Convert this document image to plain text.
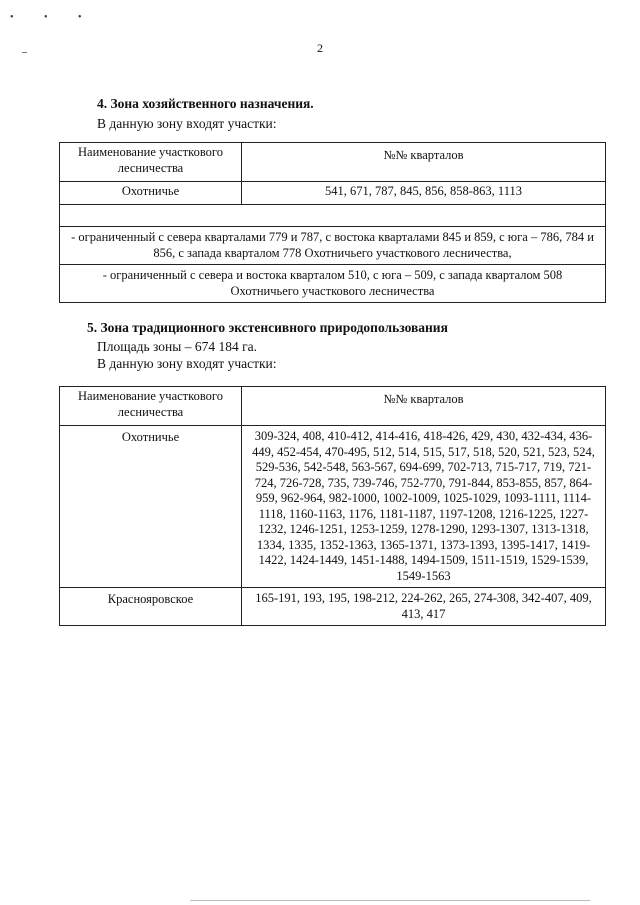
• • •
2
4. Зона хозяйственного назначения.
В данную зону входят участки:
Наименование участкового лесничества	№№ кварталов
Охотничье	541, 671, 787, 845, 856, 858-863, 1113

- ограниченный с севера кварталами 779 и 787, с востока кварталами 845 и 859, с юга – 786, 784 и 856, с запада кварталом 778 Охотничьего участкового лесничества,	
- ограниченный с севера и востока кварталом 510, с юга – 509, с запада кварталом 508 Охотничьего участкового лесничества	
5. Зона традиционного экстенсивного природопользования
Площадь зоны – 674 184 га.
В данную зону входят участки:
Наименование участкового лесничества	№№ кварталов
Охотничье	309-324, 408, 410-412, 414-416, 418-426, 429, 430, 432-434, 436-449, 452-454, 470-495, 512, 514, 515, 517, 518, 520, 521, 523, 524, 529-536, 542-548, 563-567, 694-699, 702-713, 715-717, 719, 721-724, 726-728, 735, 739-746, 752-770, 791-844, 853-855, 857, 864-959, 962-964, 982-1000, 1002-1009, 1025-1029, 1093-1111, 1114-1118, 1160-1163, 1176, 1181-1187, 1197-1208, 1216-1225, 1227-1232, 1246-1251, 1253-1259, 1278-1290, 1293-1307, 1313-1318, 1334, 1335, 1352-1363, 1365-1371, 1373-1393, 1395-1417, 1419-1422, 1424-1449, 1451-1488, 1494-1509, 1511-1519, 1529-1539, 1549-1563
Краснояровское	165-191, 193, 195, 198-212, 224-262, 265, 274-308, 342-407, 409, 413, 417
